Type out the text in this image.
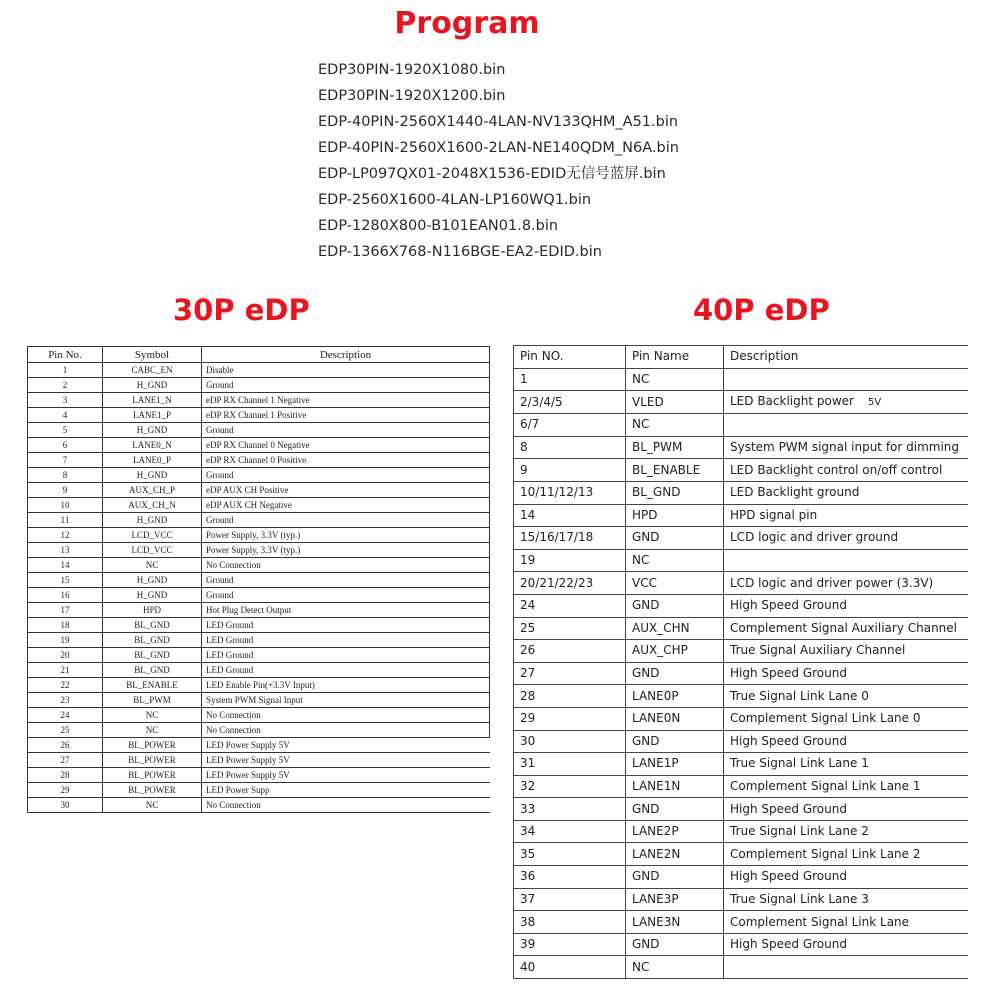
Program
EDP30PIN-1920X1080.bin
EDP30PIN-1920X1200.bin
EDP-40PIN-2560X1440-4LAN-NV133QHM_A51.bin
EDP-40PIN-2560X1600-2LAN-NE140QDM_N6A.bin
EDP-LP097QX01-2048X1536-EDID无信号蓝屏.bin
EDP-2560X1600-4LAN-LP160WQ1.bin
EDP-1280X800-B101EAN01.8.bin
EDP-1366X768-N116BGE-EA2-EDID.bin
30P eDP	40P eDP
Pin No.	Symbol	Description
1	CABC_EN	Disable
2	H_GND	Ground
3	LANE1_N	eDP RX Channel 1 Negative
4	LANE1_P	eDP RX Channel 1 Positive
5	H_GND	Ground
6	LANE0_N	eDP RX Channel 0 Negative
7	LANE0_P	eDP RX Channel 0 Positive
8	H_GND	Ground
9	AUX_CH_P	eDP AUX CH Positive
10	AUX_CH_N	eDP AUX CH Negative
11	H_GND	Ground
12	LCD_VCC	Power Supply, 3.3V (typ.)
13	LCD_VCC	Power Supply, 3.3V (typ.)
14	NC	No Connection
15	H_GND	Ground
16	H_GND	Ground
17	HPD	Hot Plug Detect Output
18	BL_GND	LED Ground
19	BL_GND	LED Ground
20	BL_GND	LED Ground
21	BL_GND	LED Ground
22	BL_ENABLE	LED Enable Pin(+3.3V Input)
23	BL_PWM	System PWM Signal Input
24	NC	No Connection
25	NC	No Connection
26	BL_POWER	LED Power Supply 5V
27	BL_POWER	LED Power Supply 5V
28	BL_POWER	LED Power Supply 5V
29	BL_POWER	LED Power Supp
30	NC	No Connection
Pin NO.	Pin Name	Description
1	NC	
2/3/4/5	VLED	LED Backlight power 5V
6/7	NC	
8	BL_PWM	System PWM signal input for dimming
9	BL_ENABLE	LED Backlight control on/off control
10/11/12/13	BL_GND	LED Backlight ground
14	HPD	HPD signal pin
15/16/17/18	GND	LCD logic and driver ground
19	NC	
20/21/22/23	VCC	LCD logic and driver power (3.3V)
24	GND	High Speed Ground
25	AUX_CHN	Complement Signal Auxiliary Channel
26	AUX_CHP	True Signal Auxiliary Channel
27	GND	High Speed Ground
28	LANE0P	True Signal Link Lane 0
29	LANE0N	Complement Signal Link Lane 0
30	GND	High Speed Ground
31	LANE1P	True Signal Link Lane 1
32	LANE1N	Complement Signal Link Lane 1
33	GND	High Speed Ground
34	LANE2P	True Signal Link Lane 2
35	LANE2N	Complement Signal Link Lane 2
36	GND	High Speed Ground
37	LANE3P	True Signal Link Lane 3
38	LANE3N	Complement Signal Link Lane
39	GND	High Speed Ground
40	NC	
